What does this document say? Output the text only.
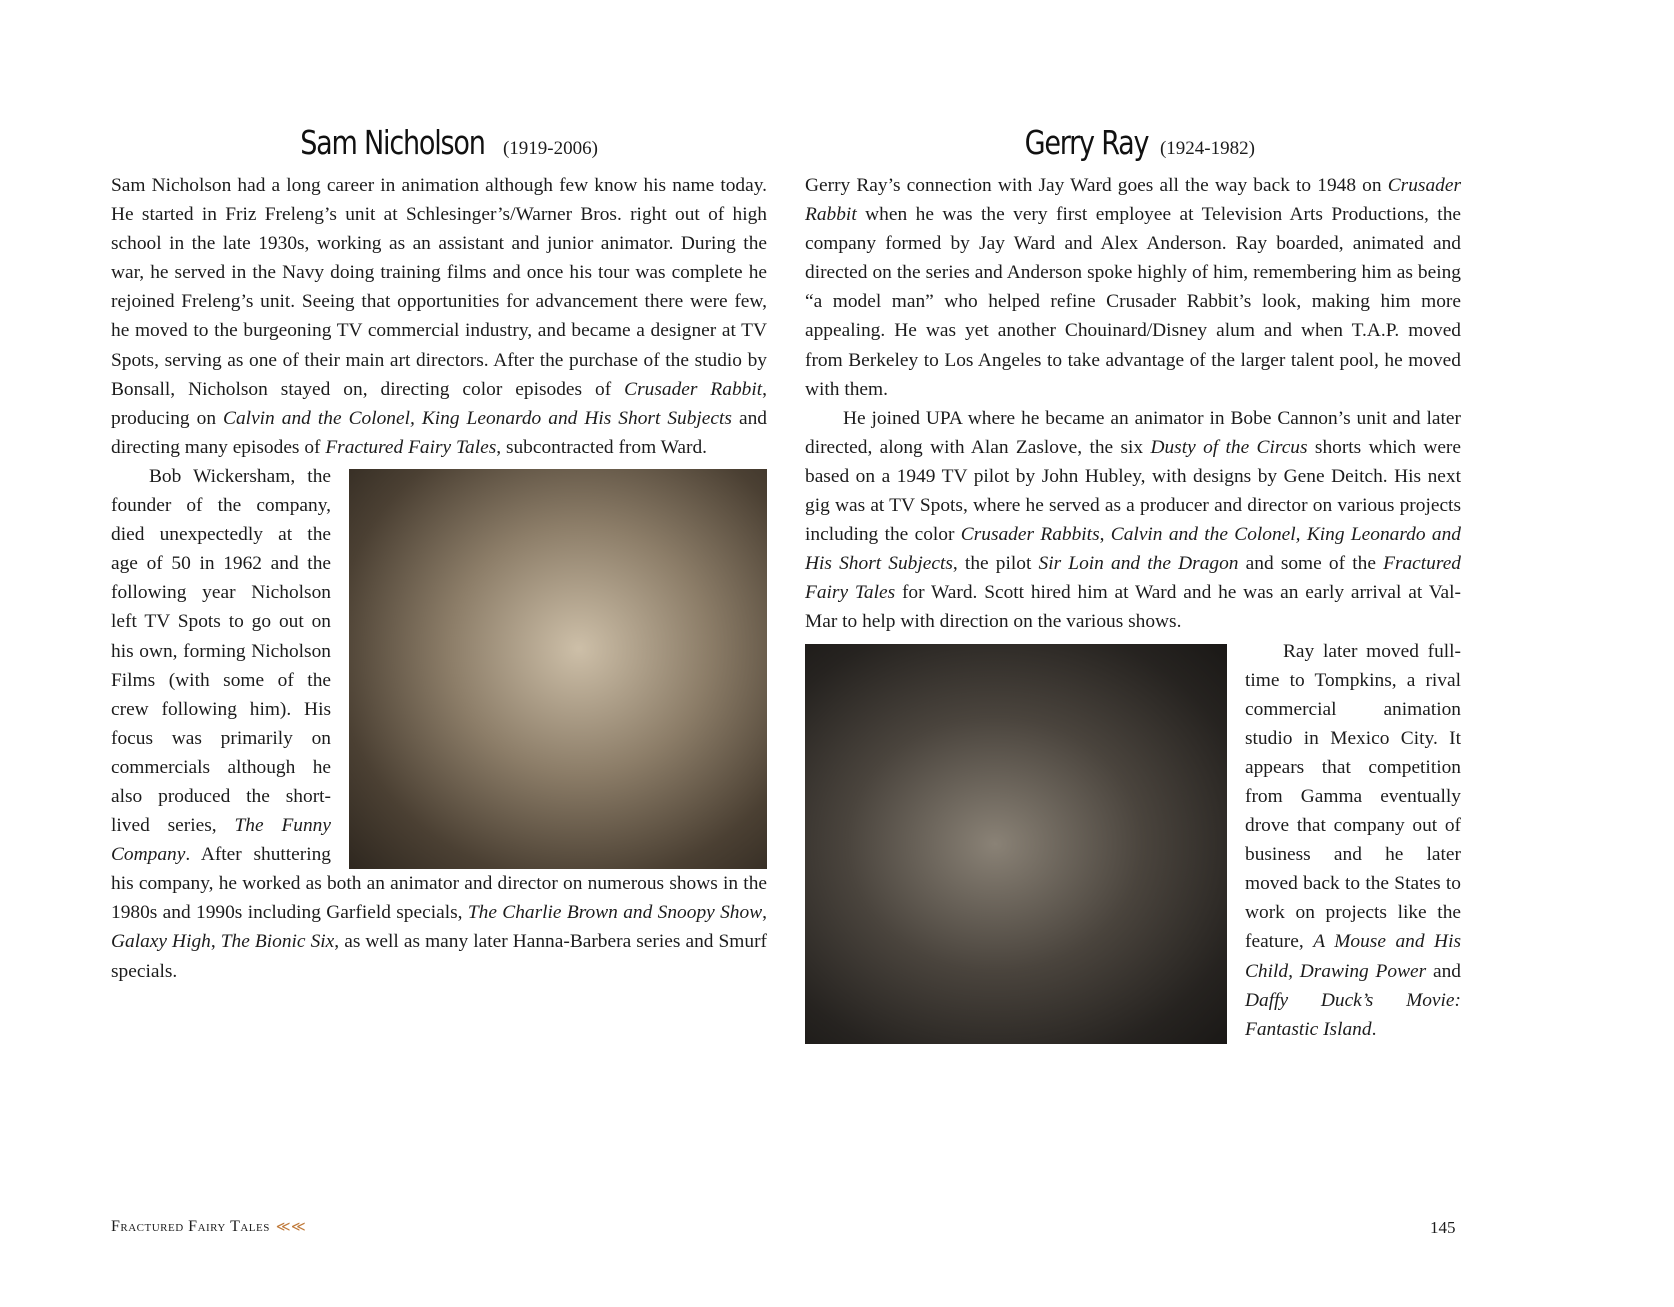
Sam Nicholson (1919-2006)

Sam Nicholson had a long career in animation although few know his name today. He started in Friz Freleng’s unit at Schlesinger’s/Warner Bros. right out of high school in the late 1930s, working as an assistant and junior animator. During the war, he served in the Navy doing training films and once his tour was complete he rejoined Freleng’s unit. Seeing that opportunities for advancement there were few, he moved to the burgeoning TV commercial industry, and became a designer at TV Spots, serving as one of their main art directors. After the purchase of the studio by Bonsall, Nicholson stayed on, directing color episodes of Crusader Rabbit, producing on Calvin and the Colonel, King Leonardo and His Short Subjects and directing many episodes of Fractured Fairy Tales, subcontracted from Ward.

Bob Wickersham, the founder of the company, died unexpectedly at the age of 50 in 1962 and the following year Nicholson left TV Spots to go out on his own, forming Nicholson Films (with some of the crew following him). His focus was primarily on commercials although he also produced the short-lived series, The Funny Company. After shuttering his company, he worked as both an animator and director on numerous shows in the 1980s and 1990s including Garfield specials, The Charlie Brown and Snoopy Show, Galaxy High, The Bionic Six, as well as many later Hanna-Barbera series and Smurf specials.

Gerry Ray (1924-1982)

Gerry Ray’s connection with Jay Ward goes all the way back to 1948 on Crusader Rabbit when he was the very first employee at Television Arts Productions, the company formed by Jay Ward and Alex Anderson. Ray boarded, animated and directed on the series and Anderson spoke highly of him, remembering him as being “a model man” who helped refine Crusader Rabbit’s look, making him more appealing. He was yet another Chouinard/Disney alum and when T.A.P. moved from Berkeley to Los Angeles to take advantage of the larger talent pool, he moved with them.

He joined UPA where he became an animator in Bobe Cannon’s unit and later directed, along with Alan Zaslove, the six Dusty of the Circus shorts which were based on a 1949 TV pilot by John Hubley, with designs by Gene Deitch. His next gig was at TV Spots, where he served as a producer and director on various projects including the color Crusader Rabbits, Calvin and the Colonel, King Leonardo and His Short Subjects, the pilot Sir Loin and the Dragon and some of the Fractured Fairy Tales for Ward. Scott hired him at Ward and he was an early arrival at Val-Mar to help with direction on the various shows.

Ray later moved full-time to Tompkins, a rival commercial animation studio in Mexico City. It appears that competition from Gamma eventually drove that company out of business and he later moved back to the States to work on projects like the feature, A Mouse and His Child, Drawing Power and Daffy Duck’s Movie: Fantastic Island.

Fractured Fairy Tales ≪≪	145
